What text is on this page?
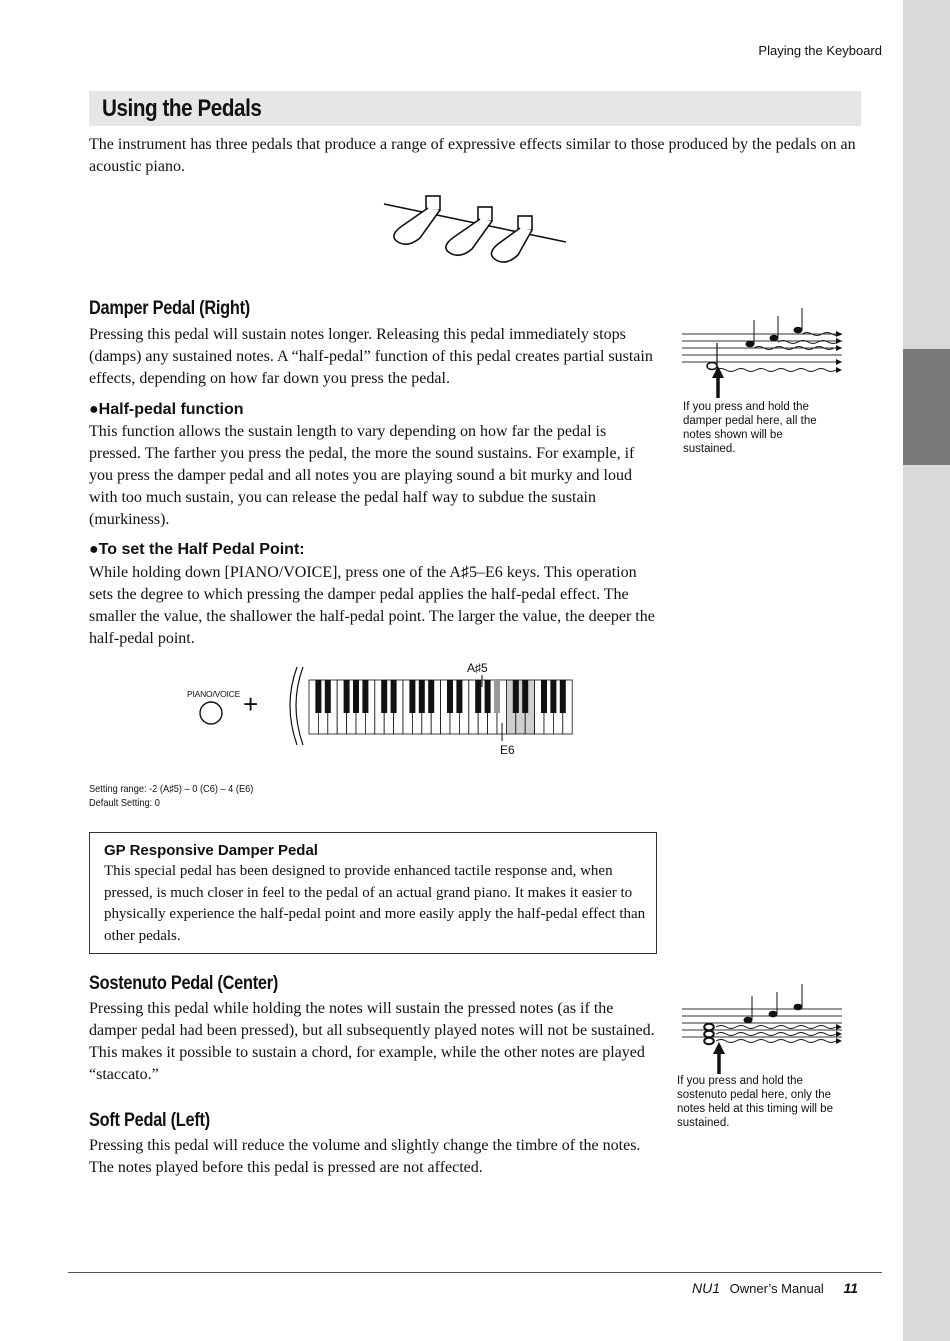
Playing the Keyboard
Using the Pedals

The instrument has three pedals that produce a range of expressive effects similar to those produced by the pedals on an acoustic piano.

Damper Pedal (Right)

Pressing this pedal will sustain notes longer. Releasing this pedal immediately stops (damps) any sustained notes. A “half-pedal” function of this pedal creates partial sustain effects, depending on how far down you press the pedal.

If you press and hold the damper pedal here, all the notes shown will be sustained.
●Half-pedal function

This function allows the sustain length to vary depending on how far the pedal is pressed. The farther you press the pedal, the more the sound sustains. For example, if you press the damper pedal and all notes you are playing sound a bit murky and loud with too much sustain, you can release the pedal half way to subdue the sustain (murkiness).

●To set the Half Pedal Point:

While holding down [PIANO/VOICE], press one of the A♯5–E6 keys. This operation sets the degree to which pressing the damper pedal applies the half-pedal effect. The smaller the value, the shallower the half-pedal point. The larger the value, the deeper the half-pedal point.

PIANO/VOICE +
A♯5
E6
Setting range: -2 (A♯5) – 0 (C6) – 4 (E6)
Default Setting: 0
GP Responsive Damper Pedal

This special pedal has been designed to provide enhanced tactile response and, when pressed, is much closer in feel to the pedal of an actual grand piano. It makes it easier to physically experience the half-pedal point and more easily apply the half-pedal effect than other pedals.

Sostenuto Pedal (Center)

Pressing this pedal while holding the notes will sustain the pressed notes (as if the damper pedal had been pressed), but all subsequently played notes will not be sustained. This makes it possible to sustain a chord, for example, while the other notes are played “staccato.”	If you press and hold the sostenuto pedal here, only the notes held at this timing will be sustained.
Soft Pedal (Left)

Pressing this pedal will reduce the volume and slightly change the timbre of the notes. The notes played before this pedal is pressed are not affected.

NU1 Owner’s Manual 11
